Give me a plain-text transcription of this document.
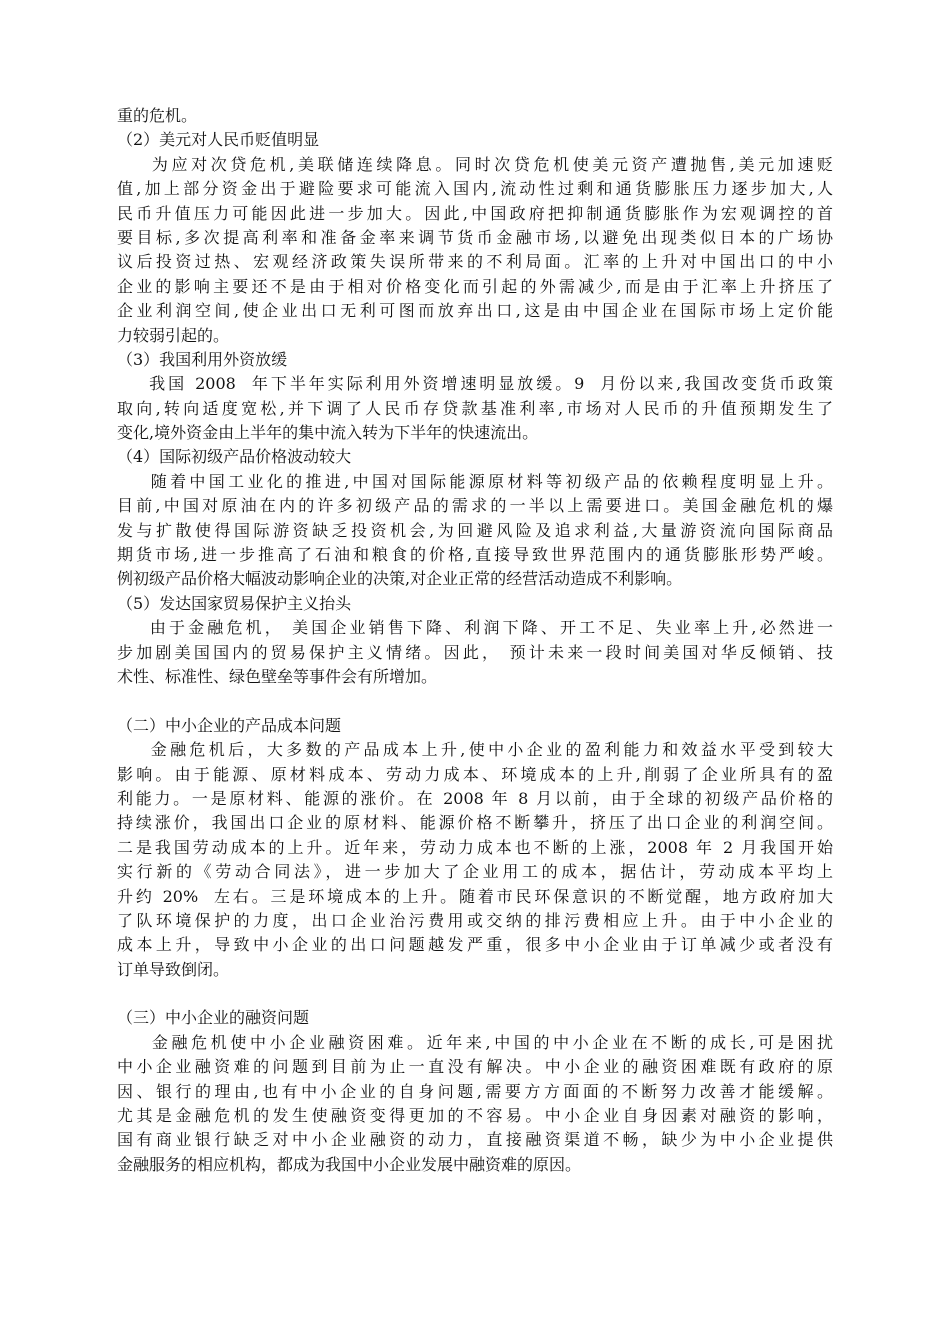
重的危机。
（2）美元对人民币贬值明显
为应对次贷危机,美联储连续降息。同时次贷危机使美元资产遭抛售,美元加速贬
值,加上部分资金出于避险要求可能流入国内,流动性过剩和通货膨胀压力逐步加大,人
民币升值压力可能因此进一步加大。因此,中国政府把抑制通货膨胀作为宏观调控的首
要目标,多次提高利率和准备金率来调节货币金融市场,以避免出现类似日本的广场协
议后投资过热、宏观经济政策失误所带来的不利局面。汇率的上升对中国出口的中小
企业的影响主要还不是由于相对价格变化而引起的外需减少,而是由于汇率上升挤压了
企业利润空间,使企业出口无利可图而放弃出口,这是由中国企业在国际市场上定价能
力较弱引起的。
（3）我国利用外资放缓
我国 2008  年下半年实际利用外资增速明显放缓。9  月份以来,我国改变货币政策
取向,转向适度宽松,并下调了人民币存贷款基准利率,市场对人民币的升值预期发生了
变化,境外资金由上半年的集中流入转为下半年的快速流出。
（4）国际初级产品价格波动较大
随着中国工业化的推进,中国对国际能源原材料等初级产品的依赖程度明显上升。
目前,中国对原油在内的许多初级产品的需求的一半以上需要进口。美国金融危机的爆
发与扩散使得国际游资缺乏投资机会,为回避风险及追求利益,大量游资流向国际商品
期货市场,进一步推高了石油和粮食的价格,直接导致世界范围内的通货膨胀形势严峻。
例初级产品价格大幅波动影响企业的决策,对企业正常的经营活动造成不利影响。
（5）发达国家贸易保护主义抬头
由于金融危机， 美国企业销售下降、利润下降、开工不足、失业率上升,必然进一
步加剧美国国内的贸易保护主义情绪。因此， 预计未来一段时间美国对华反倾销、技
术性、标准性、绿色壁垒等事件会有所增加。
（二）中小企业的产品成本问题
金融危机后，大多数的产品成本上升,使中小企业的盈利能力和效益水平受到较大
影响。由于能源、原材料成本、劳动力成本、环境成本的上升,削弱了企业所具有的盈
利能力。一是原材料、能源的涨价。在 2008 年 8 月以前，由于全球的初级产品价格的
持续涨价，我国出口企业的原材料、能源价格不断攀升，挤压了出口企业的利润空间。
二是我国劳动成本的上升。近年来，劳动力成本也不断的上涨，2008 年 2 月我国开始
实行新的《劳动合同法》，进一步加大了企业用工的成本，据估计，劳动成本平均上
升约 20%  左右。三是环境成本的上升。随着市民环保意识的不断觉醒，地方政府加大
了队环境保护的力度，出口企业治污费用或交纳的排污费相应上升。由于中小企业的
成本上升，导致中小企业的出口问题越发严重，很多中小企业由于订单减少或者没有
订单导致倒闭。
（三）中小企业的融资问题
金融危机使中小企业融资困难。近年来,中国的中小企业在不断的成长,可是困扰
中小企业融资难的问题到目前为止一直没有解决。中小企业的融资困难既有政府的原
因、银行的理由,也有中小企业的自身问题,需要方方面面的不断努力改善才能缓解。
尤其是金融危机的发生使融资变得更加的不容易。中小企业自身因素对融资的影响，
国有商业银行缺乏对中小企业融资的动力，直接融资渠道不畅，缺少为中小企业提供
金融服务的相应机构，都成为我国中小企业发展中融资难的原因。
